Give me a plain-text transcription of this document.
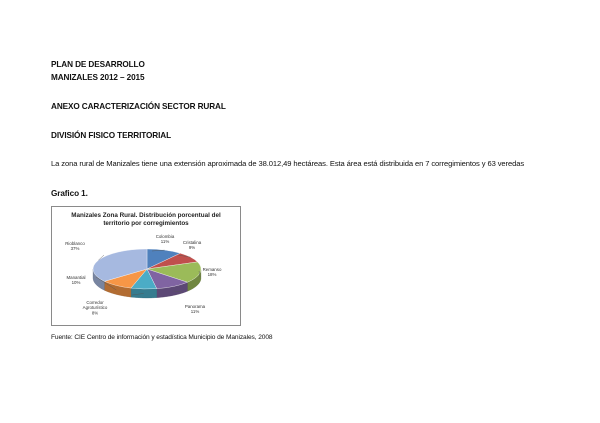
PLAN DE DESARROLLO
MANIZALES 2012 – 2015
ANEXO CARACTERIZACIÓN SECTOR RURAL
DIVISIÓN FISICO TERRITORIAL
La zona rural de Manizales tiene una extensión aproximada de 38.012,49 hectáreas. Esta área está distribuida en 7 corregimientos y 63 veredas
Grafico 1.
Manizales Zona Rural. Distribución porcentual del
territorio por corregimientos
Colombia
11%	Cristalina
9%
Remanso
18%
Panorama
11%
Corredor
Agroturístico
8%
Manantial
10%
Rioblanco
37%
Fuente: CIE Centro de información y estadística Municipio de Manizales, 2008
